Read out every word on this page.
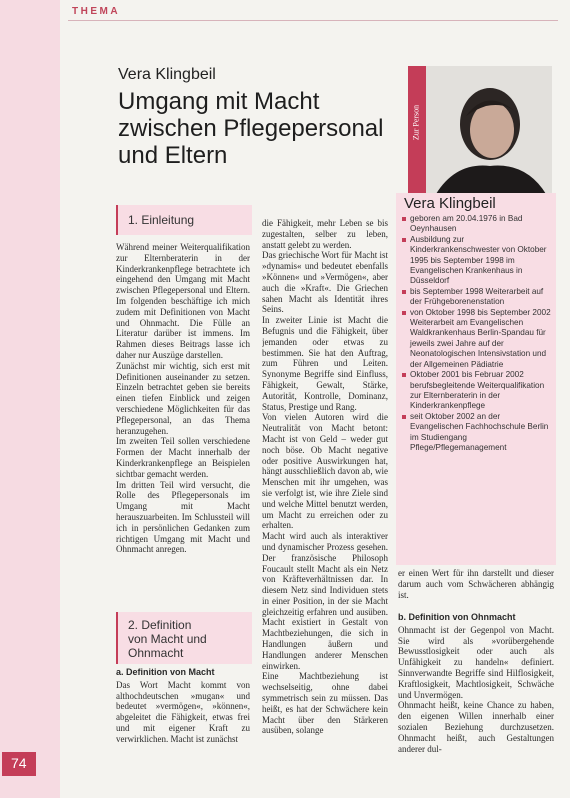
THEMA
Vera Klingbeil
Umgang mit Macht zwischen Pflegepersonal und Eltern
Zur Person
Vera Klingbeil
geboren am 20.04.1976 in Bad Oeynhausen
Ausbildung zur Kinderkrankenschwester von Oktober 1995 bis September 1998 im Evangelischen Krankenhaus in Düsseldorf
bis September 1998 Weiterarbeit auf der Frühgeborenenstation
von Oktober 1998 bis September 2002 Weiterarbeit am Evangelischen Waldkrankenhaus Berlin-Spandau für jeweils zwei Jahre auf der Neonatologischen Intensivstation und der Allgemeinen Pädiatrie
Oktober 2001 bis Februar 2002 berufsbegleitende Weiterqualifikation zur Elternberaterin in der Kinderkrankenpflege
seit Oktober 2002 an der Evangelischen Fachhochschule Berlin im Studiengang Pflege/Pflegemanagement
1. Einleitung

Während meiner Weiterqualifikation zur Elternberaterin in der Kinderkrankenpflege betrachtete ich eingehend den Umgang mit Macht zwischen Pflegepersonal und Eltern. Im folgenden beschäftige ich mich zudem mit Definitionen von Macht und Ohnmacht. Die Fülle an Literatur darüber ist immens. Im Rahmen dieses Beitrags lasse ich daher nur Auszüge darstellen.

Zunächst mir wichtig, sich erst mit Definitionen auseinander zu setzen. Einzeln betrachtet geben sie bereits einen tiefen Einblick und zeigen verschiedene Möglichkeiten für das Pflegepersonal, an das Thema heranzugehen.

Im zweiten Teil sollen verschiedene Formen der Macht innerhalb der Kinderkrankenpflege an Beispielen sichtbar gemacht werden.

Im dritten Teil wird versucht, die Rolle des Pflegepersonals im Umgang mit Macht herauszuarbeiten. Im Schlussteil will ich in persönlichen Gedanken zum richtigen Umgang mit Macht und Ohnmacht anregen.

2. Definition
von Macht und
Ohnmacht
a. Definition von Macht

Das Wort Macht kommt von althochdeutschen »mugan« und bedeutet »vermögen«, »können«, abgeleitet die Fähigkeit, etwas frei und mit eigener Kraft zu verwirklichen. Macht ist zunächst

die Fähigkeit, mehr Leben se bis zugestalten, selber zu leben, anstatt gelebt zu werden.

Das griechische Wort für Macht ist »dynamis« und bedeutet ebenfalls »Können« und »Vermögen«, aber auch die »Kraft«. Die Griechen sahen Macht als Identität ihres Seins.

In zweiter Linie ist Macht die Befugnis und die Fähigkeit, über jemanden oder etwas zu bestimmen. Sie hat den Auftrag, zum Führen und Leiten. Synonyme Begriffe sind Einfluss, Fähigkeit, Gewalt, Stärke, Autorität, Kontrolle, Dominanz, Status, Prestige und Rang.

Von vielen Autoren wird die Neutralität von Macht betont: Macht ist von Geld – weder gut noch böse. Ob Macht negative oder positive Auswirkungen hat, hängt ausschließlich davon ab, wie Menschen mit ihr umgehen, was sie verfolgt ist, wie ihre Ziele sind und welche Mittel benutzt werden, um Macht zu erreichen oder zu erhalten.

Macht wird auch als interaktiver und dynamischer Prozess gesehen. Der französische Philosoph Foucault stellt Macht als ein Netz von Kräfteverhältnissen dar. In diesem Netz sind Individuen stets in einer Position, in der sie Macht gleichzeitig erfahren und ausüben. Macht existiert in Gestalt von Machtbeziehungen, die sich in Handlungen äußern und Handlungen anderer Menschen einwirken.

Eine Machtbeziehung ist wechselseitig, ohne dabei symmetrisch sein zu müssen. Das heißt, es hat der Schwächere kein Macht über den Stärkeren ausüben, solange

er einen Wert für ihn darstellt und dieser darum auch vom Schwächeren abhängig ist.

b. Definition von Ohnmacht

Ohnmacht ist der Gegenpol von Macht. Sie wird als »vorübergehende Bewusstlosigkeit oder auch als Unfähigkeit zu handeln« definiert. Sinnverwandte Begriffe sind Hilflosigkeit, Kraftlosigkeit, Machtlosigkeit, Schwäche und Unvermögen.

Ohnmacht heißt, keine Chance zu haben, den eigenen Willen innerhalb einer sozialen Beziehung durchzusetzen. Ohnmacht heißt, auch Gestaltungen anderer dul-

74
